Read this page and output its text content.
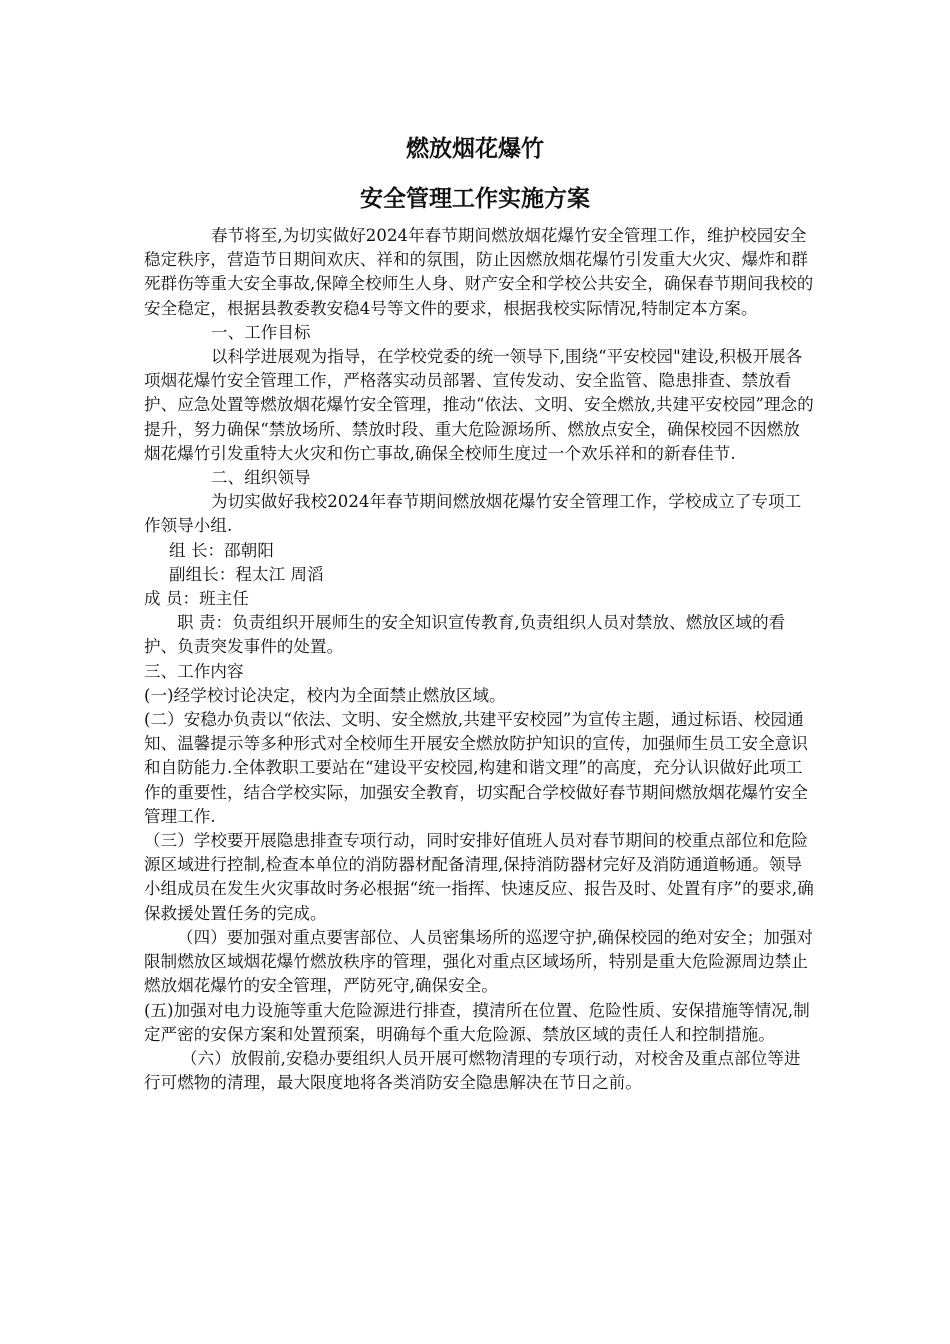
燃放烟花爆竹
安全管理工作实施方案

春节将至,为切实做好2024年春节期间燃放烟花爆竹安全管理工作，维护校园安全稳定秩序，营造节日期间欢庆、祥和的氛围，防止因燃放烟花爆竹引发重大火灾、爆炸和群死群伤等重大安全事故,保障全校师生人身、财产安全和学校公共安全，确保春节期间我校的安全稳定，根据县教委教安稳4号等文件的要求，根据我校实际情况,特制定本方案。

一、工作目标

以科学进展观为指导，在学校党委的统一领导下,围绕“平安校园"建设,积极开展各项烟花爆竹安全管理工作，严格落实动员部署、宣传发动、安全监管、隐患排查、禁放看护、应急处置等燃放烟花爆竹安全管理，推动“依法、文明、安全燃放,共建平安校园”理念的提升，努力确保“禁放场所、禁放时段、重大危险源场所、燃放点安全，确保校园不因燃放烟花爆竹引发重特大火灾和伤亡事故,确保全校师生度过一个欢乐祥和的新春佳节.

二、组织领导

为切实做好我校2024年春节期间燃放烟花爆竹安全管理工作，学校成立了专项工作领导小组.

组 长：邵朝阳

副组长：程太江 周滔

成 员：班主任

职 责：负责组织开展师生的安全知识宣传教育,负责组织人员对禁放、燃放区域的看护、负责突发事件的处置。

三、工作内容

(一)经学校讨论决定，校内为全面禁止燃放区域。

(二）安稳办负责以“依法、文明、安全燃放,共建平安校园”为宣传主题，通过标语、校园通知、温馨提示等多种形式对全校师生开展安全燃放防护知识的宣传，加强师生员工安全意识和自防能力.全体教职工要站在“建设平安校园,构建和谐文理”的高度，充分认识做好此项工作的重要性，结合学校实际，加强安全教育，切实配合学校做好春节期间燃放烟花爆竹安全管理工作.

（三）学校要开展隐患排查专项行动，同时安排好值班人员对春节期间的校重点部位和危险源区域进行控制,检查本单位的消防器材配备清理,保持消防器材完好及消防通道畅通。领导小组成员在发生火灾事故时务必根据“统一指挥、快速反应、报告及时、处置有序”的要求,确保救援处置任务的完成。

（四）要加强对重点要害部位、人员密集场所的巡逻守护,确保校园的绝对安全；加强对限制燃放区域烟花爆竹燃放秩序的管理，强化对重点区域场所，特别是重大危险源周边禁止燃放烟花爆竹的安全管理，严防死守,确保安全。

(五)加强对电力设施等重大危险源进行排查，摸清所在位置、危险性质、安保措施等情况,制定严密的安保方案和处置预案，明确每个重大危险源、禁放区域的责任人和控制措施。

（六）放假前,安稳办要组织人员开展可燃物清理的专项行动，对校舍及重点部位等进行可燃物的清理，最大限度地将各类消防安全隐患解决在节日之前。
